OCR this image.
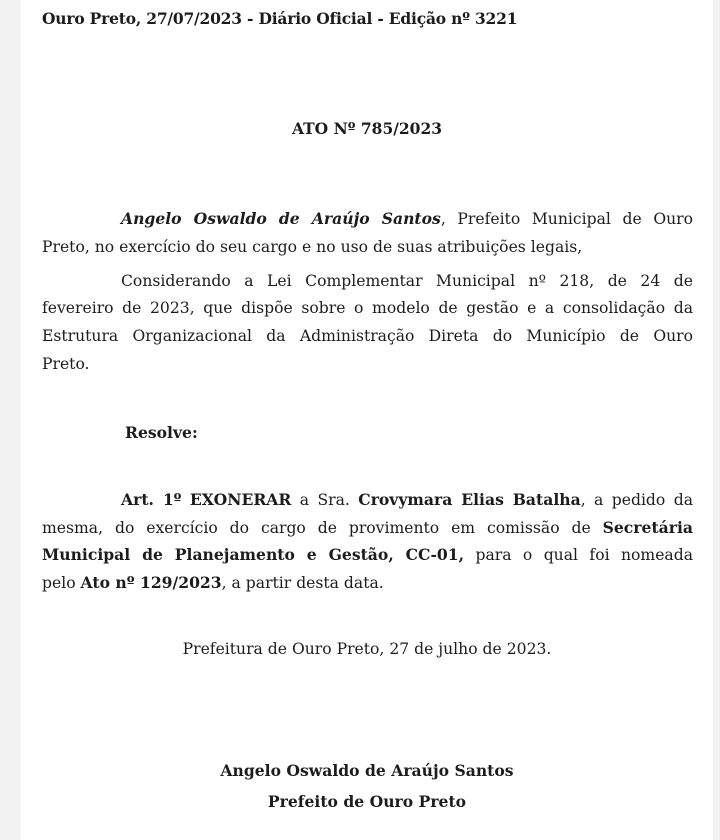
Ouro Preto, 27/07/2023 - Diário Oficial - Edição nº 3221
ATO Nº 785/2023
Angelo Oswaldo de Araújo Santos, Prefeito Municipal de Ouro
Preto, no exercício do seu cargo e no uso de suas atribuições legais,
Considerando a Lei Complementar Municipal nº 218, de 24 de
fevereiro de 2023, que dispõe sobre o modelo de gestão e a consolidação da
Estrutura Organizacional da Administração Direta do Município de Ouro
Preto.
Resolve:
Art. 1º EXONERAR a Sra. Crovymara Elias Batalha, a pedido da
mesma, do exercício do cargo de provimento em comissão de Secretária
Municipal de Planejamento e Gestão, CC-01, para o qual foi nomeada
pelo Ato nº 129/2023, a partir desta data.
Prefeitura de Ouro Preto, 27 de julho de 2023.
Angelo Oswaldo de Araújo Santos
Prefeito de Ouro Preto
